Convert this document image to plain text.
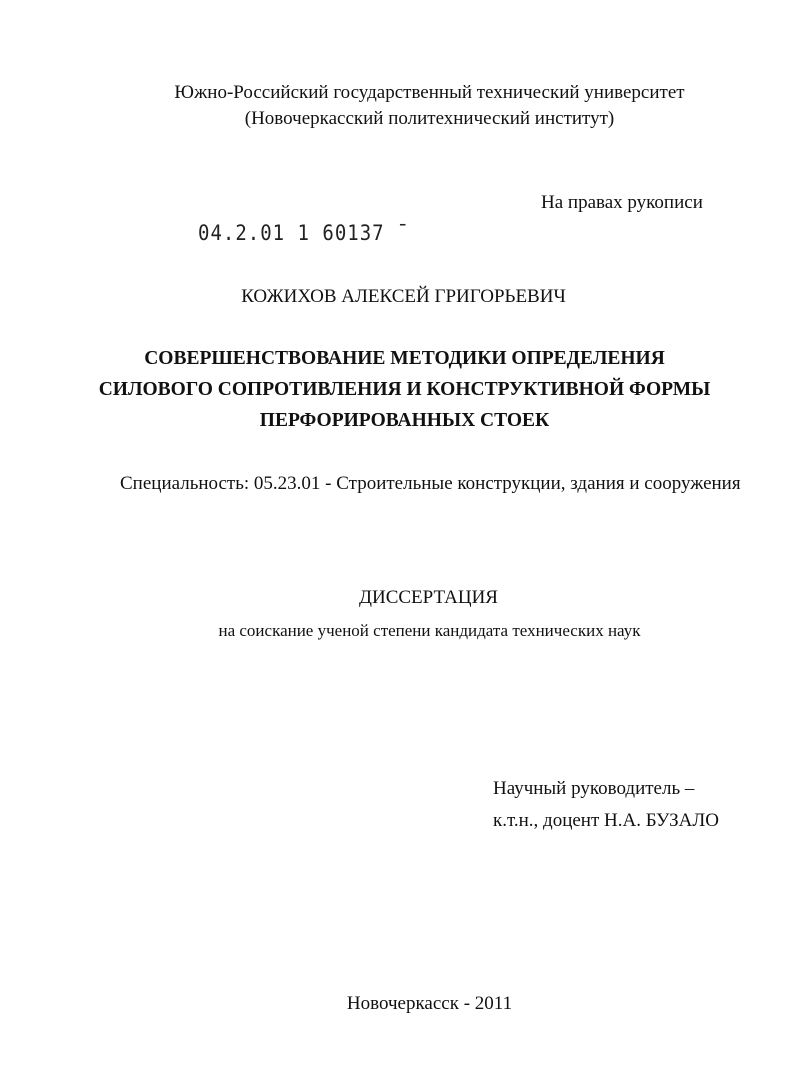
Южно-Российский государственный технический университет
(Новочеркасский политехнический институт)
На правах рукописи
04.2.01 1 60137 ˉ
КОЖИХОВ АЛЕКСЕЙ ГРИГОРЬЕВИЧ
СОВЕРШЕНСТВОВАНИЕ МЕТОДИКИ ОПРЕДЕЛЕНИЯ
СИЛОВОГО СОПРОТИВЛЕНИЯ И КОНСТРУКТИВНОЙ ФОРМЫ
ПЕРФОРИРОВАННЫХ СТОЕК
Специальность: 05.23.01 - Строительные конструкции, здания и сооружения
ДИССЕРТАЦИЯ
на соискание ученой степени кандидата технических наук
Научный руководитель –
к.т.н., доцент Н.А. БУЗАЛО
Новочеркасск - 2011
